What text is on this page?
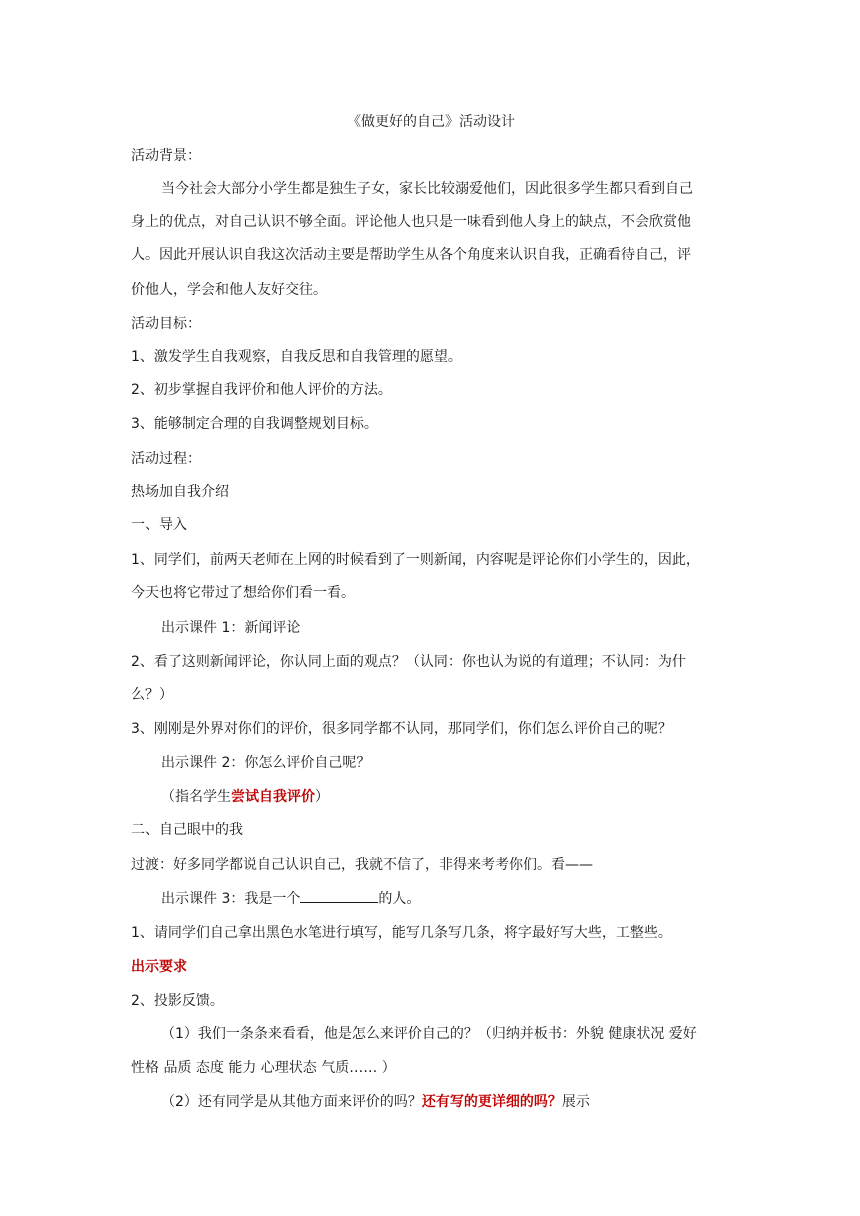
《做更好的自己》活动设计
活动背景：
当今社会大部分小学生都是独生子女，家长比较溺爱他们，因此很多学生都只看到自己
身上的优点，对自己认识不够全面。评论他人也只是一味看到他人身上的缺点，不会欣赏他
人。因此开展认识自我这次活动主要是帮助学生从各个角度来认识自我，正确看待自己，评
价他人，学会和他人友好交往。
活动目标：
1、激发学生自我观察，自我反思和自我管理的愿望。
2、初步掌握自我评价和他人评价的方法。
3、能够制定合理的自我调整规划目标。
活动过程：
热场加自我介绍
一、导入
1、同学们，前两天老师在上网的时候看到了一则新闻，内容呢是评论你们小学生的，因此，
今天也将它带过了想给你们看一看。
出示课件 1：新闻评论
2、看了这则新闻评论，你认同上面的观点？（认同：你也认为说的有道理；不认同：为什
么？）
3、刚刚是外界对你们的评价，很多同学都不认同，那同学们，你们怎么评价自己的呢？
出示课件 2：你怎么评价自己呢？
（指名学生尝试自我评价）
二、自己眼中的我
过渡：好多同学都说自己认识自己，我就不信了，非得来考考你们。看——
出示课件 3：我是一个	的人。
1、请同学们自己拿出黑色水笔进行填写，能写几条写几条，将字最好写大些，工整些。
出示要求
2、投影反馈。
（1）我们一条条来看看，他是怎么来评价自己的？（归纳并板书：外貌 健康状况 爱好
性格 品质 态度 能力 心理状态 气质…… ）
（2）还有同学是从其他方面来评价的吗？还有写的更详细的吗？展示
